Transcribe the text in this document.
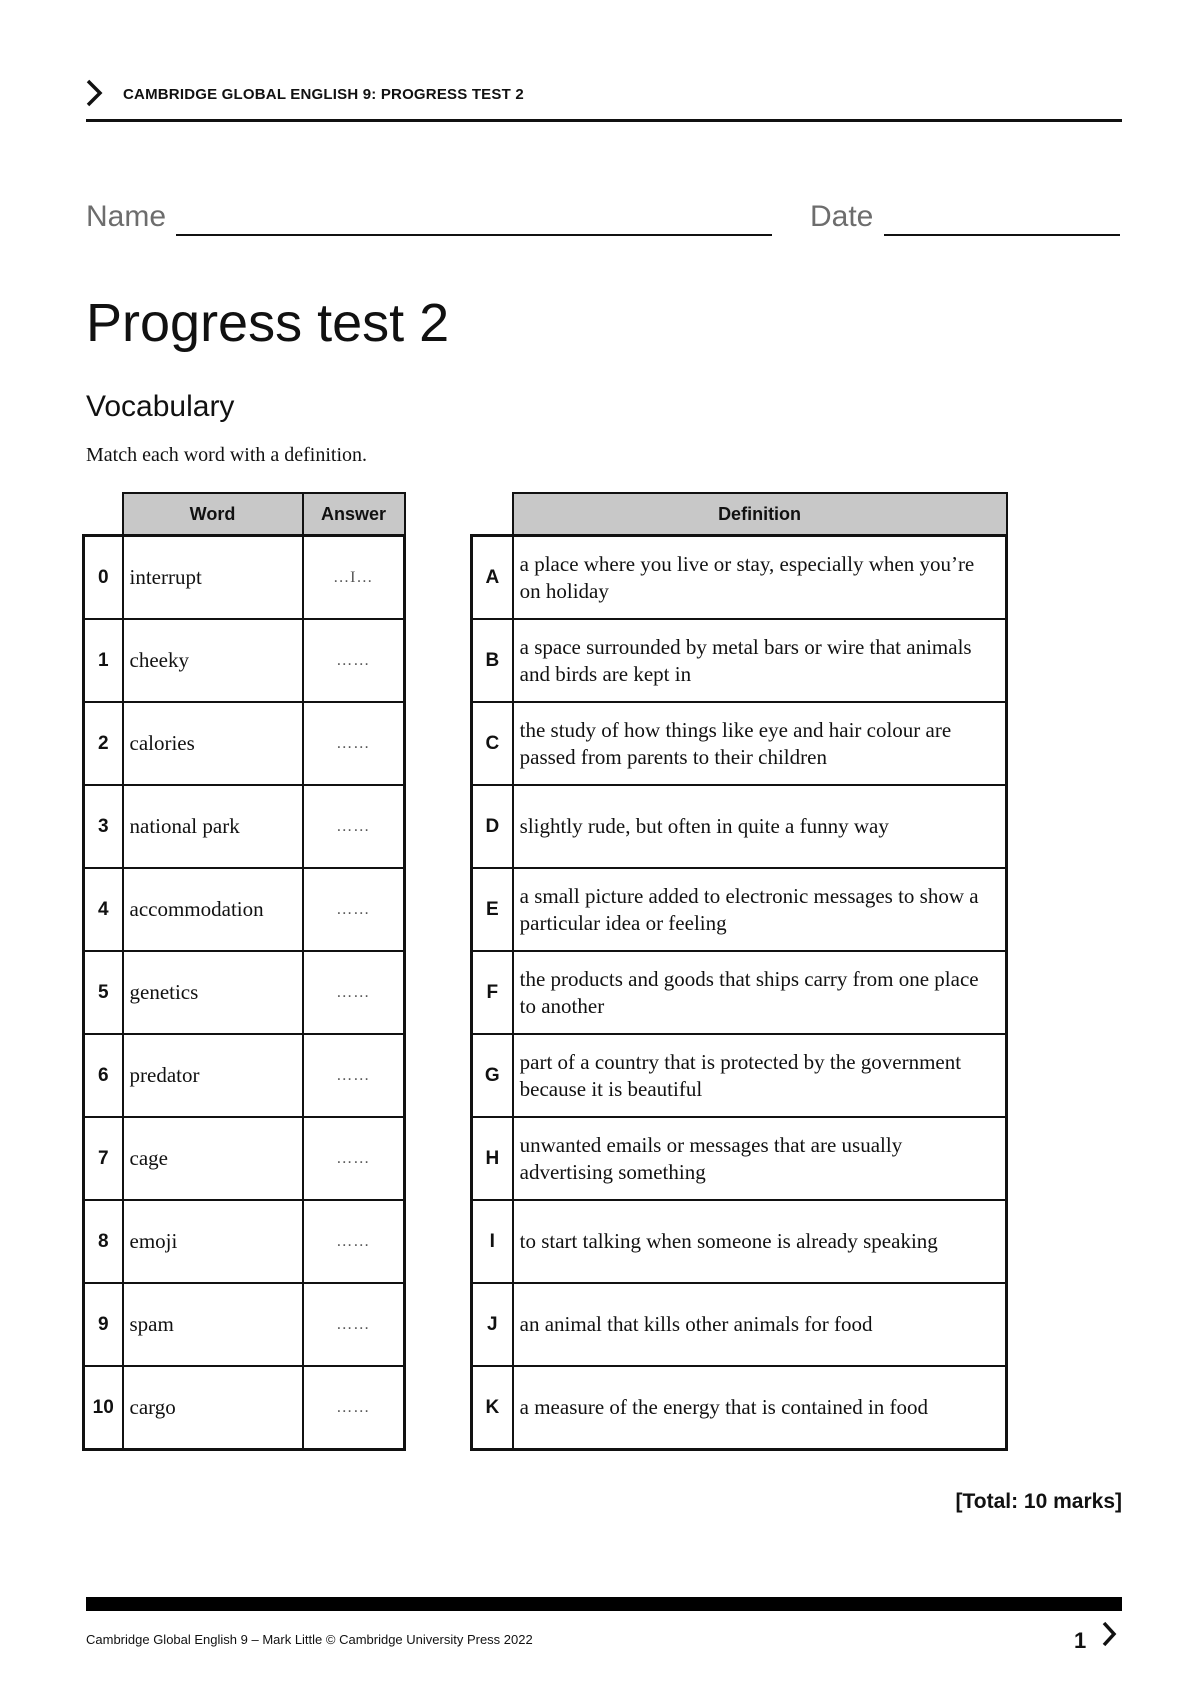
CAMBRIDGE GLOBAL ENGLISH 9: PROGRESS TEST 2
Name	Date
Progress test 2
Vocabulary
Match each word with a definition.
	Word	Answer
0	interrupt	…I…
1	cheeky	……
2	calories	……
3	national park	……
4	accommodation	……
5	genetics	……
6	predator	……
7	cage	……
8	emoji	……
9	spam	……
10	cargo	……
	Definition
A	a place where you live or stay, especially when you’re on holiday
B	a space surrounded by metal bars or wire that animals and birds are kept in
C	the study of how things like eye and hair colour are passed from parents to their children
D	slightly rude, but often in quite a funny way
E	a small picture added to electronic messages to show a particular idea or feeling
F	the products and goods that ships carry from one place to another
G	part of a country that is protected by the government because it is beautiful
H	unwanted emails or messages that are usually advertising something
I	to start talking when someone is already speaking
J	an animal that kills other animals for food
K	a measure of the energy that is contained in food
[Total: 10 marks]
Cambridge Global English 9 – Mark Little © Cambridge University Press 2022	1
